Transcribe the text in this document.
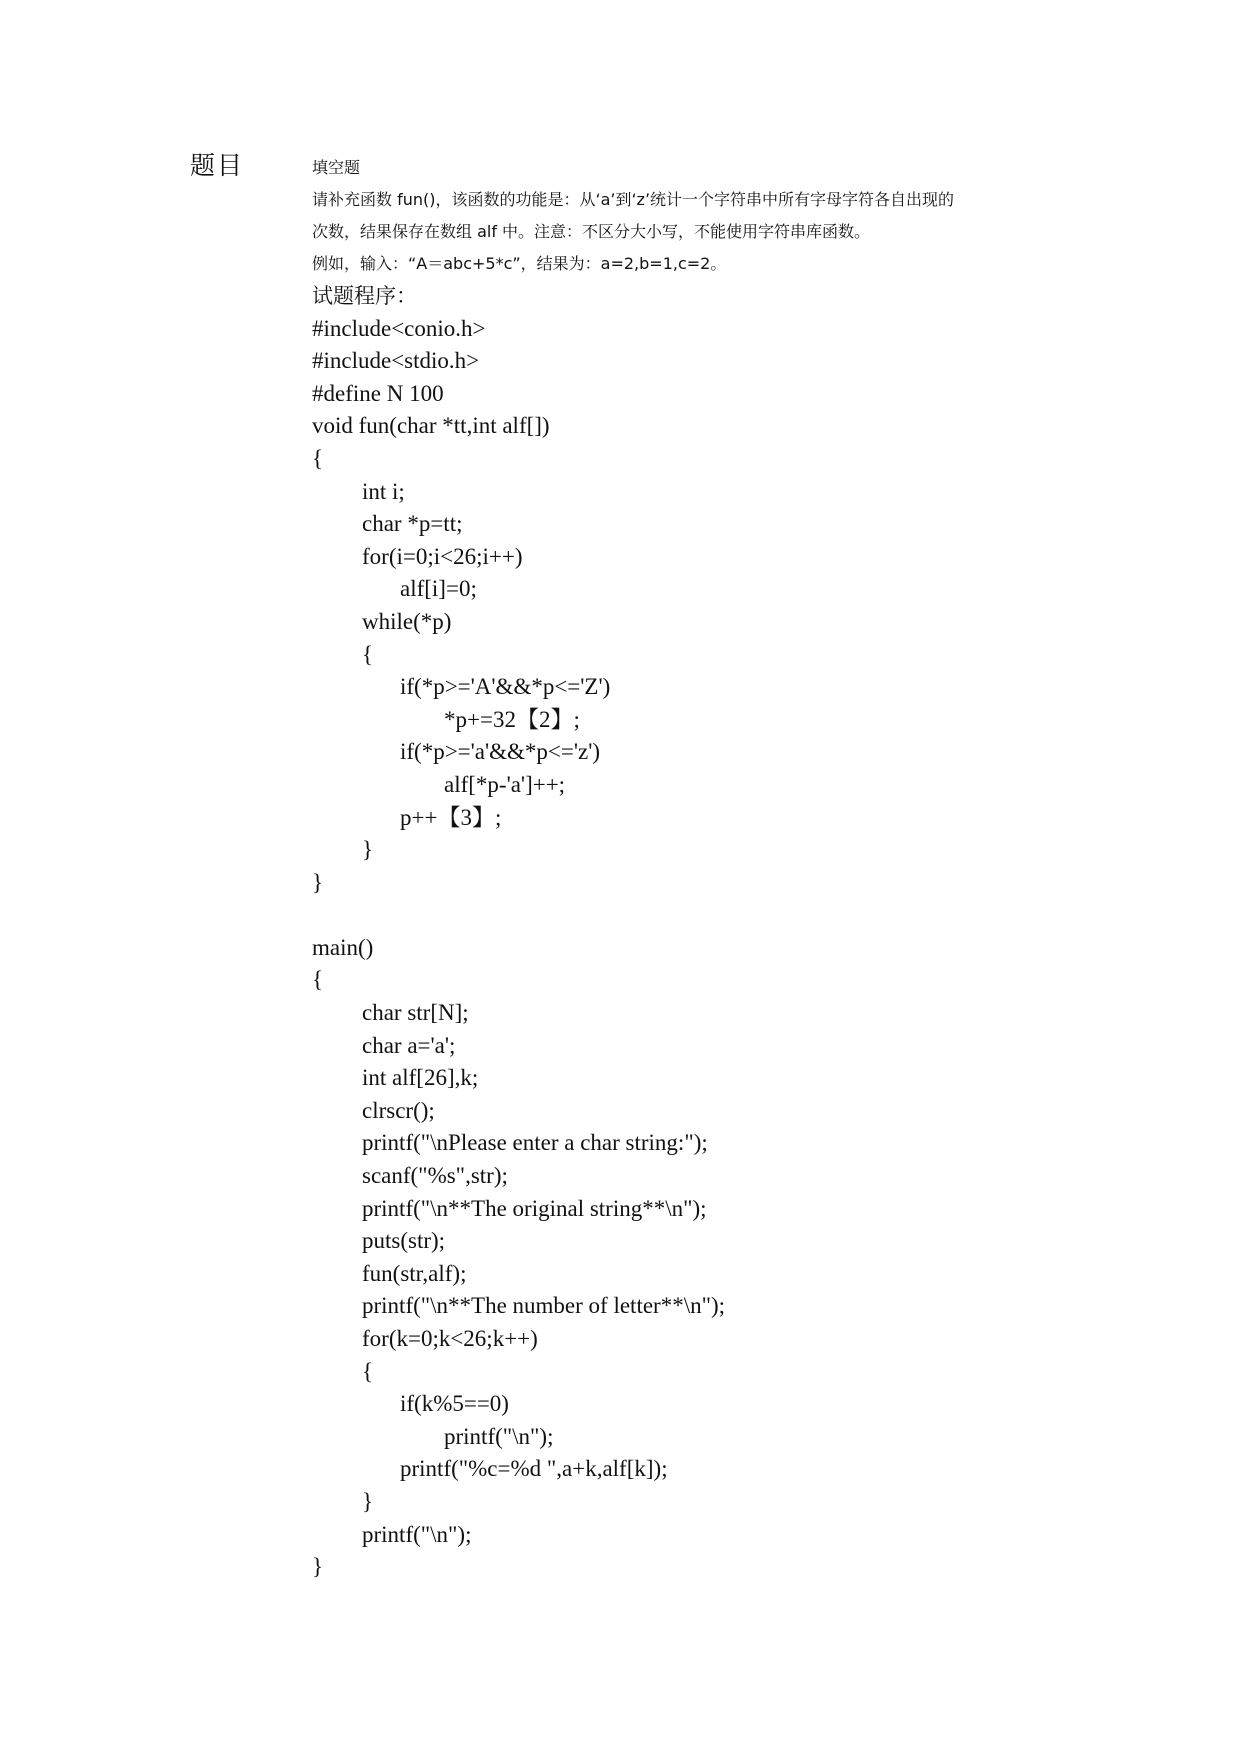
题目	填空题
请补充函数 fun()，该函数的功能是：从‘a’到‘z’统计一个字符串中所有字母字符各自出现的
次数，结果保存在数组 alf 中。注意：不区分大小写，不能使用字符串库函数。
例如，输入：“A＝abc+5*c”，结果为：a=2,b=1,c=2。
试题程序：
#include<conio.h>
#include<stdio.h>
#define N 100
void fun(char *tt,int alf[])
{
int i;
char *p=tt;
for(i=0;i<26;i++)
alf[i]=0;
while(*p)
{
if(*p>='A'&&*p<='Z')
*p+=32【2】;
if(*p>='a'&&*p<='z')
alf[*p-'a']++;
p++【3】;
}
}
main()
{
char str[N];
char a='a';
int alf[26],k;
clrscr();
printf("\nPlease enter a char string:");
scanf("%s",str);
printf("\n**The original string**\n");
puts(str);
fun(str,alf);
printf("\n**The number of letter**\n");
for(k=0;k<26;k++)
{
if(k%5==0)
printf("\n");
printf("%c=%d ",a+k,alf[k]);
}
printf("\n");
}
